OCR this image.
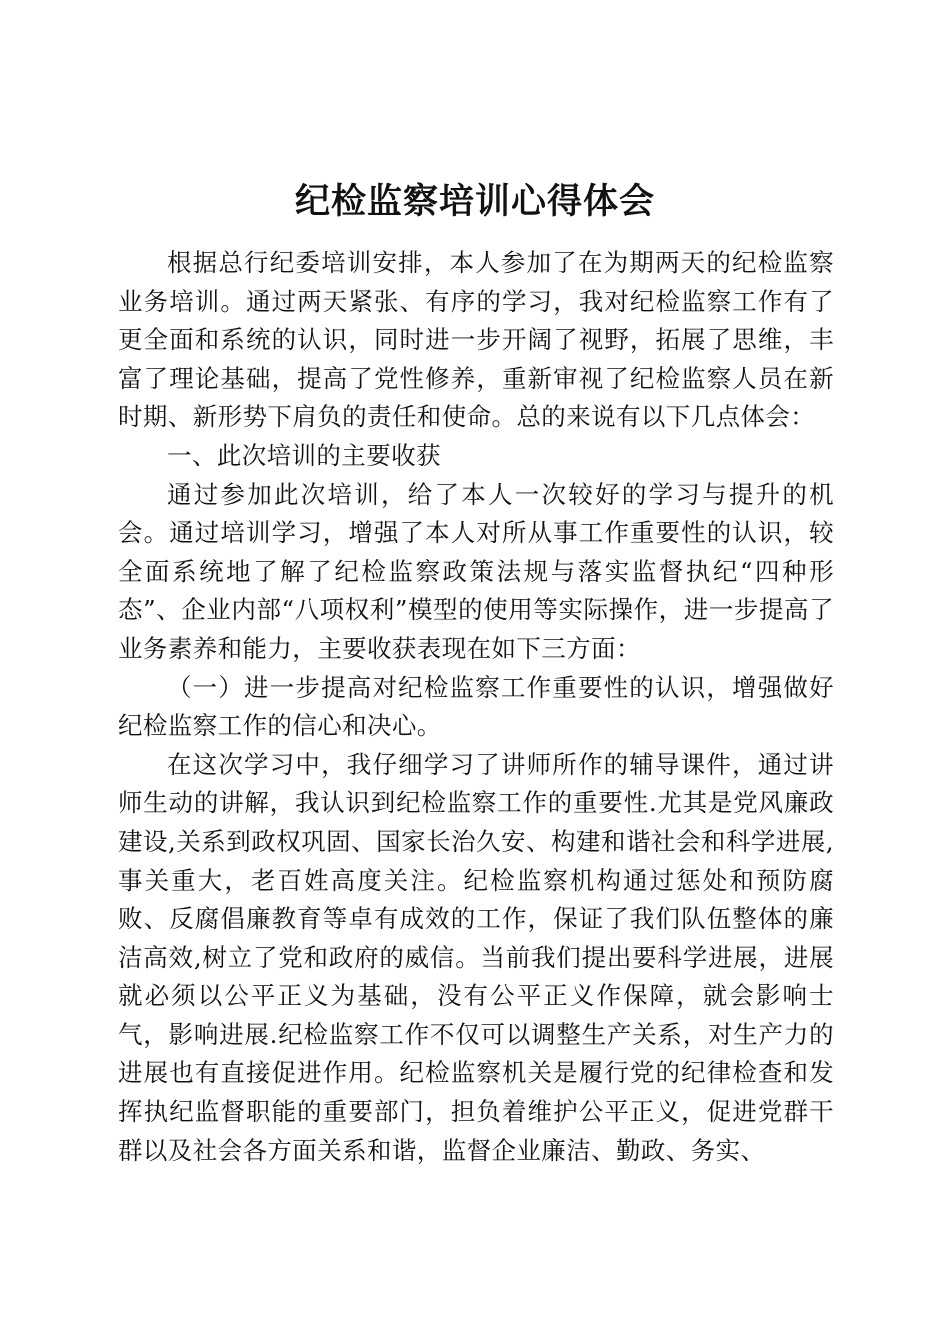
纪检监察培训心得体会

根据总行纪委培训安排，本人参加了在为期两天的纪检监察业务培训。通过两天紧张、有序的学习，我对纪检监察工作有了更全面和系统的认识，同时进一步开阔了视野，拓展了思维，丰富了理论基础，提高了党性修养，重新审视了纪检监察人员在新时期、新形势下肩负的责任和使命。总的来说有以下几点体会：

一、此次培训的主要收获

通过参加此次培训，给了本人一次较好的学习与提升的机会。通过培训学习，增强了本人对所从事工作重要性的认识，较全面系统地了解了纪检监察政策法规与落实监督执纪“四种形态”、企业内部“八项权利”模型的使用等实际操作，进一步提高了业务素养和能力，主要收获表现在如下三方面：

（一）进一步提高对纪检监察工作重要性的认识，增强做好纪检监察工作的信心和决心。

在这次学习中，我仔细学习了讲师所作的辅导课件，通过讲师生动的讲解，我认识到纪检监察工作的重要性.尤其是党风廉政建设,关系到政权巩固、国家长治久安、构建和谐社会和科学进展,事关重大，老百姓高度关注。纪检监察机构通过惩处和预防腐败、反腐倡廉教育等卓有成效的工作，保证了我们队伍整体的廉洁高效,树立了党和政府的威信。当前我们提出要科学进展，进展就必须以公平正义为基础，没有公平正义作保障，就会影响士气，影响进展.纪检监察工作不仅可以调整生产关系，对生产力的进展也有直接促进作用。纪检监察机关是履行党的纪律检查和发挥执纪监督职能的重要部门，担负着维护公平正义，促进党群干群以及社会各方面关系和谐，监督企业廉洁、勤政、务实、
